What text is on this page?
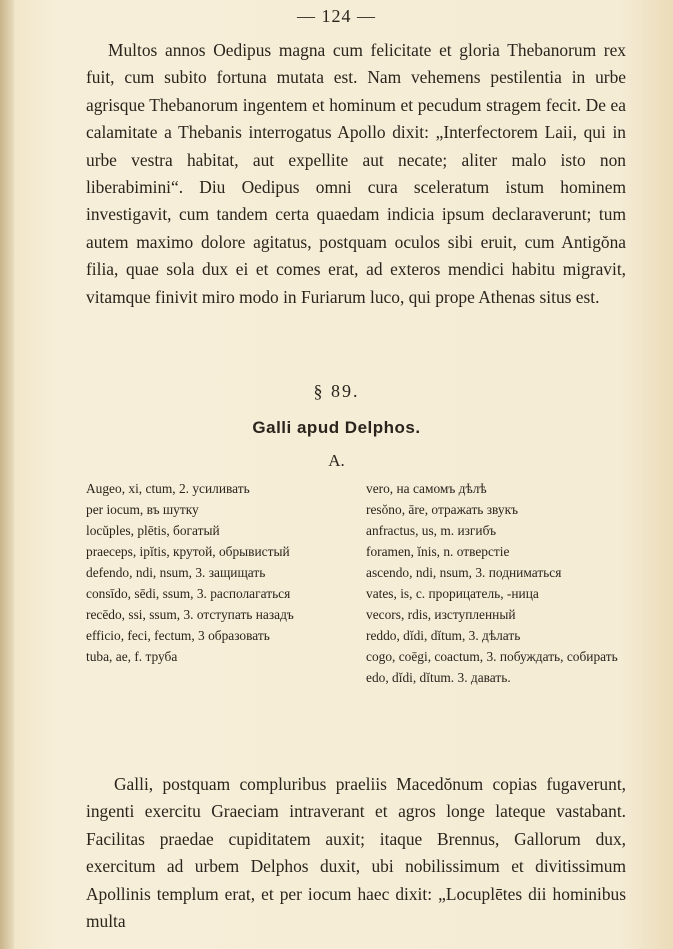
— 124 —

Multos annos Oedipus magna cum felicitate et gloria Thebanorum rex fuit, cum subito fortuna mutata est. Nam vehemens pestilentia in urbe agrisque Thebanorum ingentem et hominum et pecudum stragem fecit. De ea calamitate a Thebanis interrogatus Apollo dixit: „Interfectorem Laii, qui in urbe vestra habitat, aut expellite aut necate; aliter malo isto non liberabimini“. Diu Oedipus omni cura sceleratum istum hominem investigavit, cum tandem certa quaedam indicia ipsum declaraverunt; tum autem maximo dolore agitatus, postquam oculos sibi eruit, cum Antigŏna filia, quae sola dux ei et comes erat, ad exteros mendici habitu migravit, vitamque finivit miro modo in Furiarum luco, qui prope Athenas situs est.

§ 89.
Galli apud Delphos.
A.

Augeo, xi, ctum, 2. усиливать

per iocum, въ шутку

locŭples, plētis, богатый

praeceps, ipĭtis, крутой, обрывистый

defendo, ndi, nsum, 3. защищать

consīdo, sēdi, ssum, 3. располагаться

recēdo, ssi, ssum, 3. отступать назадъ

efficio, feci, fectum, 3 образовать

tuba, ae, f. труба

vero, на самомъ дѣлѣ

resŏno, āre, отражать звукъ

anfractus, us, m. изгибъ

foramen, ĭnis, n. отверстіе

ascendo, ndi, nsum, 3. подниматься

vates, is, c. прорицатель, -ница

vecors, rdis, изступленный

reddo, dĭdi, dĭtum, 3. дѣлать

cogo, coēgi, coactum, 3. побуждать, собирать

edo, dĭdi, dĭtum. 3. давать.

Galli, postquam compluribus praeliis Macedŏnum copias fugaverunt, ingenti exercitu Graeciam intraverant et agros longe lateque vastabant. Facilitas praedae cupiditatem auxit; itaque Brennus, Gallorum dux, exercitum ad urbem Delphos duxit, ubi nobilissimum et divitissimum Apollinis templum erat, et per iocum haec dixit: „Locuplētes dii hominibus multa
